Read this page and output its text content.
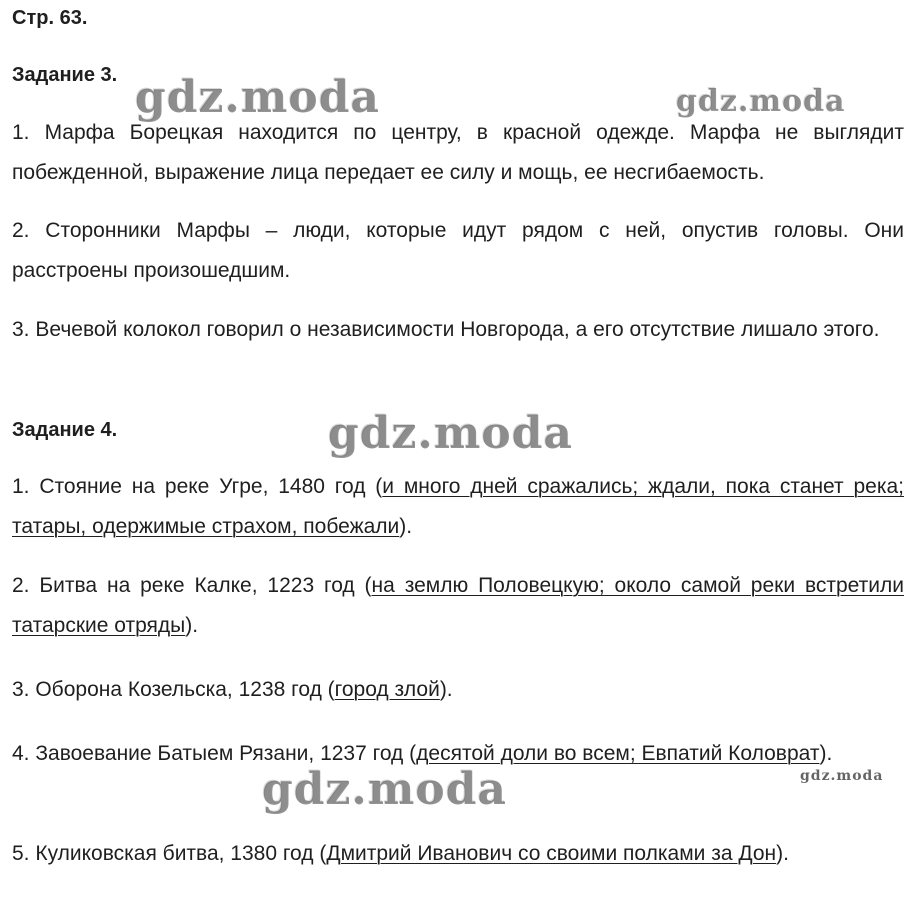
Стр. 63.
Задание 3.

1. Марфа Борецкая находится по центру, в красной одежде. Марфа не выглядит побежденной, выражение лица передает ее силу и мощь, ее несгибаемость.

2. Сторонники Марфы – люди, которые идут рядом с ней, опустив головы. Они расстроены произошедшим.

3. Вечевой колокол говорил о независимости Новгорода, а его отсутствие лишало этого.

Задание 4.

1. Стояние на реке Угре, 1480 год (и много дней сражались; ждали, пока станет река; татары, одержимые страхом, побежали).

2. Битва на реке Калке, 1223 год (на землю Половецкую; около самой реки встретили татарские отряды).

3. Оборона Козельска, 1238 год (город злой).

4. Завоевание Батыем Рязани, 1237 год (десятой доли во всем; Евпатий Коловрат).

5. Куликовская битва, 1380 год (Дмитрий Иванович со своими полками за Дон).

gdz.moda	gdz.moda
gdz.moda
gdz.moda
gdz.moda
